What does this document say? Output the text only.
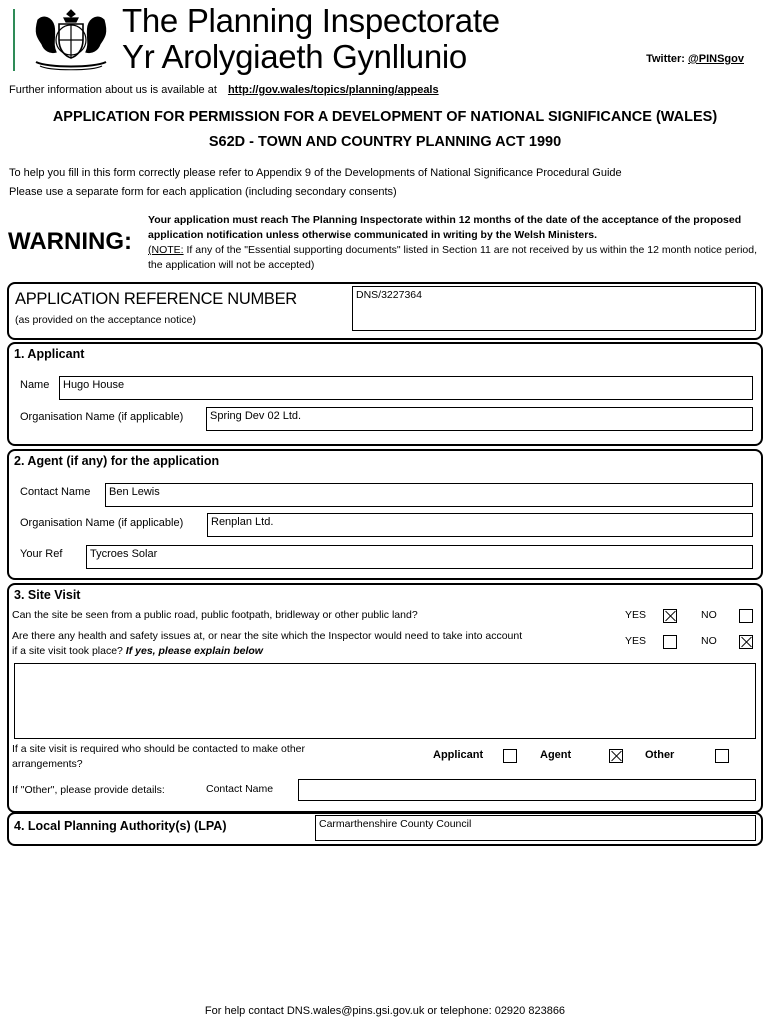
The Planning Inspectorate
Yr Arolygiaeth Gynllunio	Twitter: @PINSgov
Further information about us is available at http://gov.wales/topics/planning/appeals
APPLICATION FOR PERMISSION FOR A DEVELOPMENT OF NATIONAL SIGNIFICANCE (WALES)
S62D - TOWN AND COUNTRY PLANNING ACT 1990
To help you fill in this form correctly please refer to Appendix 9 of the Developments of National Significance Procedural Guide
Please use a separate form for each application (including secondary consents)
WARNING:
Your application must reach The Planning Inspectorate within 12 months of the date of the acceptance of the proposed application notification unless otherwise communicated in writing by the Welsh Ministers.
(NOTE: If any of the "Essential supporting documents" listed in Section 11 are not received by us within the 12 month notice period, the application will not be accepted)
APPLICATION REFERENCE NUMBER
(as provided on the acceptance notice)
DNS/3227364
1. Applicant
Name	Hugo House
Organisation Name (if applicable)	Spring Dev 02 Ltd.
2. Agent (if any) for the application
Contact Name	Ben Lewis
Organisation Name (if applicable)	Renplan Ltd.
Your Ref	Tycroes Solar
3. Site Visit
Can the site be seen from a public road, public footpath, bridleway or other public land?	YES	NO
Are there any health and safety issues at, or near the site which the Inspector would need to take into account
if a site visit took place? If yes, please explain below
YES	NO
If a site visit is required who should be contacted to make other
arrangements?
Applicant	Agent	Other
If "Other", please provide details:	Contact Name
4. Local Planning Authority(s) (LPA)	Carmarthenshire County Council
For help contact DNS.wales@pins.gsi.gov.uk or telephone: 02920 823866
